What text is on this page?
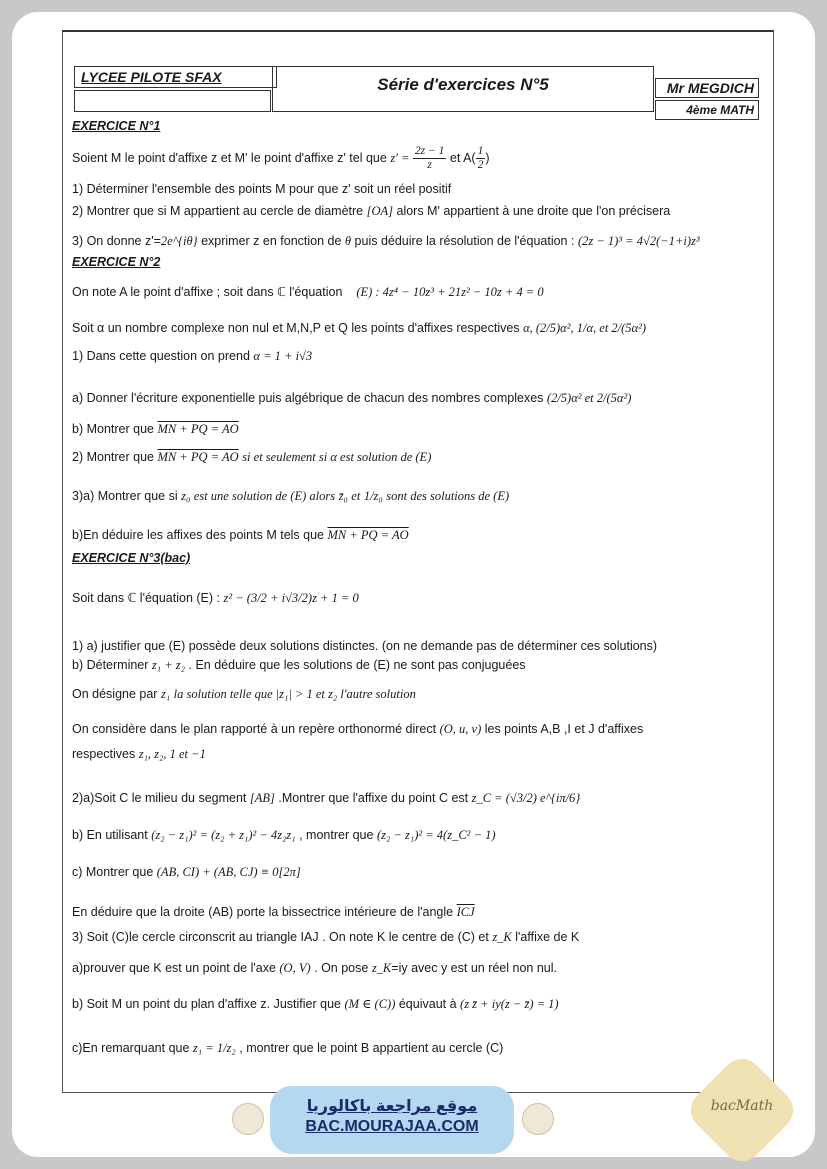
LYCEE PILOTE SFAX	Série d'exercices N°5	Mr MEGDICH
4ème MATH
EXERCICE N°1
Soient M le point d'affixe z et M' le point d'affixe z' tel que $z' = \frac{2z - 1}{z}$ et $A( \frac{1}{2}$ )
1) Déterminer l'ensemble des points M pour que z' soit un réel positif
2) Montrer que si M appartient au cercle de diamètre [OA] alors M' appartient à une droite que l'on précisera
3) On donne z'=2e^{iθ} exprimer z en fonction de θ puis déduire la résolution de l'équation : (2z − 1)³ = 4√2(−1+i)z³
EXERCICE N°2
On note A le point d'affixe ; soit dans ℂ l'équation (E) : 4z⁴ − 10z³ + 21z² − 10z + 4 = 0
Soit α un nombre complexe non nul et M,N,P et Q les points d'affixes respectives α, (2/5)α², 1/α, et 2/(5α²)
1) Dans cette question on prend α = 1 + i√3
a) Donner l'écriture exponentielle puis algébrique de chacun des nombres complexes (2/5)α² et 2/(5α²)
b) Montrer que MN + PQ = AO
2) Montrer que MN + PQ = AO si et seulement si α est solution de (E)
3)a) Montrer que si z₀ est une solution de (E) alors z̄₀ et 1/z₀ sont des solutions de (E)
b)En déduire les affixes des points M tels que MN + PQ = AO
EXERCICE N°3(bac)
Soit dans ℂ l'équation (E) : z² − (3/2 + i√3/2)z + 1 = 0
1) a) justifier que (E) possède deux solutions distinctes. (on ne demande pas de déterminer ces solutions)
b) Déterminer z₁ + z₂ . En déduire que les solutions de (E) ne sont pas conjuguées
On désigne par z₁ la solution telle que |z₁| > 1 et z₂ l'autre solution
On considère dans le plan rapporté à un repère orthonormé direct (O, u, v) les points A,B ,I et J d'affixes
respectives z₁, z₂, 1 et −1
2)a)Soit C le milieu du segment [AB] .Montrer que l'affixe du point C est z_C = (√3/2) e^{iπ/6}
b) En utilisant (z₂ − z₁)² = (z₂ + z₁)² − 4z₂z₁ , montrer que (z₂ − z₁)² = 4(z_C² − 1)
c) Montrer que (AB, CI) + (AB, CJ) ≡ 0[2π]
En déduire que la droite (AB) porte la bissectrice intérieure de l'angle $\overline{ICJ}$
3) Soit (C)le cercle circonscrit au triangle IAJ . On note K le centre de (C) et z_K l'affixe de K
a)prouver que K est un point de l'axe (O, V) . On pose z_K=iy avec y est un réel non nul.
b) Soit M un point du plan d'affixe z. Justifier que (M ∈ (C)) équivaut à (z z̄ + iy(z − z̄) = 1)
c)En remarquant que z₁ = 1/z₂ , montrer que le point B appartient au cercle (C)
موقع مراجعة باكالوريا
BAC.MOURAJAA.COM
bacMath
